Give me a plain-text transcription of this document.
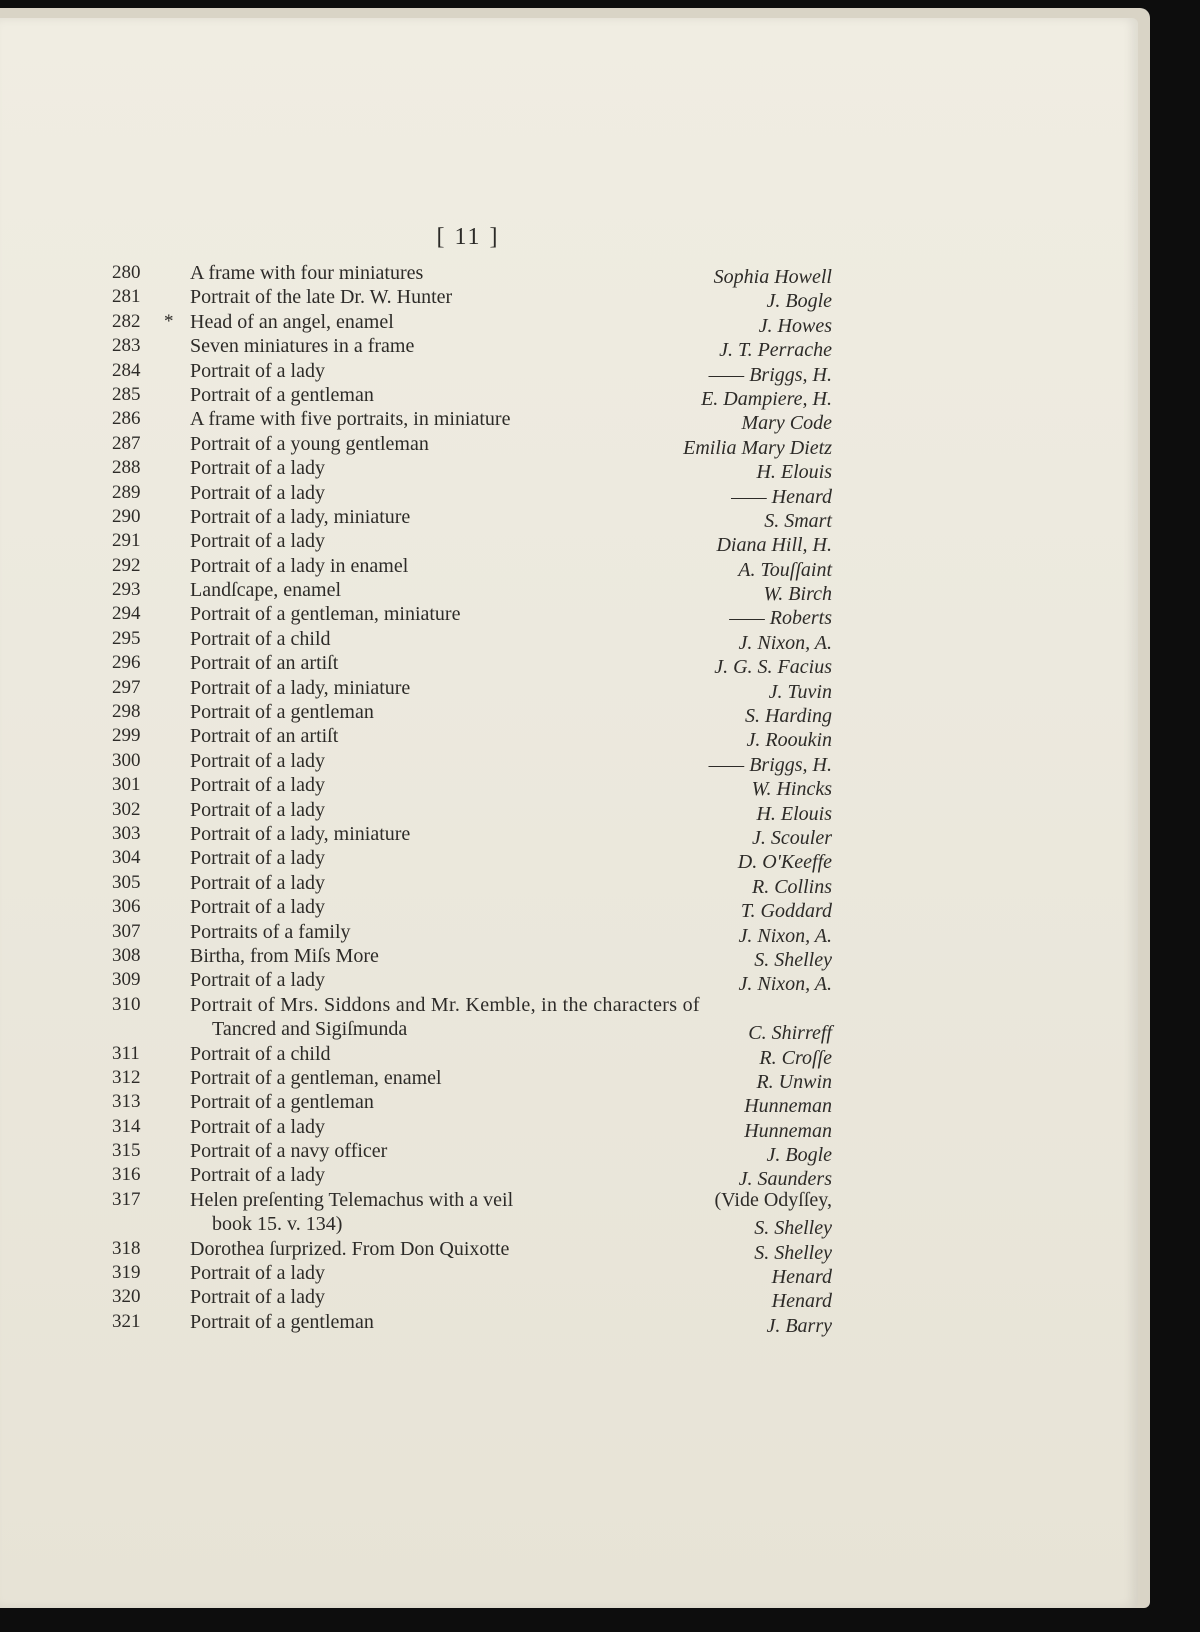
[ 11 ]
280	A frame with four miniatures	Sophia Howell
281	Portrait of the late Dr. W. Hunter	J. Bogle
282	* Head of an angel, enamel	J. Howes
283	Seven miniatures in a frame	J. T. Perrache
284	Portrait of a lady	—— Briggs, H.
285	Portrait of a gentleman	E. Dampiere, H.
286	A frame with five portraits, in miniature	Mary Code
287	Portrait of a young gentleman	Emilia Mary Dietz
288	Portrait of a lady	H. Elouis
289	Portrait of a lady	—— Henard
290	Portrait of a lady, miniature	S. Smart
291	Portrait of a lady	Diana Hill, H.
292	Portrait of a lady in enamel	A. Touſſaint
293	Landſcape, enamel	W. Birch
294	Portrait of a gentleman, miniature	—— Roberts
295	Portrait of a child	J. Nixon, A.
296	Portrait of an artiſt	J. G. S. Facius
297	Portrait of a lady, miniature	J. Tuvin
298	Portrait of a gentleman	S. Harding
299	Portrait of an artiſt	J. Rooukin
300	Portrait of a lady	—— Briggs, H.
301	Portrait of a lady	W. Hincks
302	Portrait of a lady	H. Elouis
303	Portrait of a lady, miniature	J. Scouler
304	Portrait of a lady	D. O'Keeffe
305	Portrait of a lady	R. Collins
306	Portrait of a lady	T. Goddard
307	Portraits of a family	J. Nixon, A.
308	Birtha, from Miſs More	S. Shelley
309	Portrait of a lady	J. Nixon, A.
310	Portrait of Mrs. Siddons and Mr. Kemble, in the characters of
Tancred and Sigiſmunda	C. Shirreff
311	Portrait of a child	R. Croſſe
312	Portrait of a gentleman, enamel	R. Unwin
313	Portrait of a gentleman	Hunneman
314	Portrait of a lady	Hunneman
315	Portrait of a navy officer	J. Bogle
316	Portrait of a lady	J. Saunders
317	Helen preſenting Telemachus with a veil	(Vide Odyſſey,
book 15. v. 134)	S. Shelley
318	Dorothea ſurprized. From Don Quixotte	S. Shelley
319	Portrait of a lady	Henard
320	Portrait of a lady	Henard
321	Portrait of a gentleman	J. Barry
